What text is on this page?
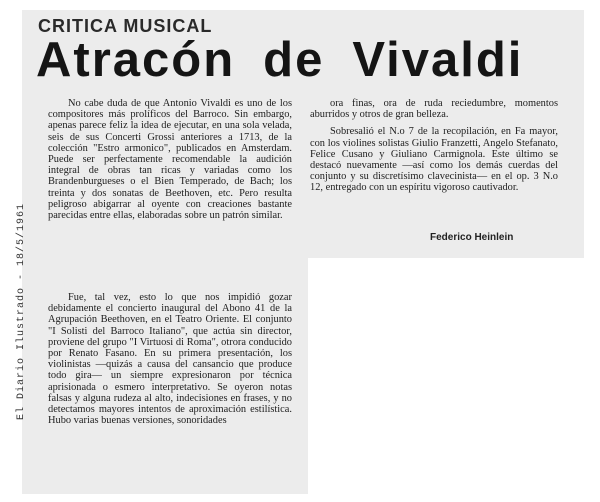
CRITICA MUSICAL
Atracón de Vivaldi
El Diario Ilustrado - 18/5/1961

No cabe duda de que Antonio Vivaldi es uno de los compositores más prolíficos del Barroco. Sin embargo, apenas parece feliz la idea de ejecutar, en una sola velada, seis de sus Concerti Grossi anteriores a 1713, de la colección "Estro armonico", publicados en Amsterdam. Puede ser perfectamente recomendable la audición integral de obras tan ricas y variadas como los Brandenburgueses o el Bien Temperado, de Bach; los treinta y dos sonatas de Beethoven, etc. Pero resulta peligroso abigarrar al oyente con creaciones bastante parecidas entre ellas, elaboradas sobre un patrón similar.

Fue, tal vez, esto lo que nos impidió gozar debidamente el concierto inaugural del Abono 41 de la Agrupación Beethoven, en el Teatro Oriente. El conjunto "I Solisti del Barroco Italiano", que actúa sin director, proviene del grupo "I Virtuosi di Roma", otrora conducido por Renato Fasano. En su primera presentación, los violinistas —quizás a causa del cansancio que produce todo gira— un siempre expresionaron por técnica aprisionada o esmero interpretativo. Se oyeron notas falsas y alguna rudeza al alto, indecisiones en frases, y no detectamos mayores intentos de aproximación estilística. Hubo varias buenas versiones, sonoridades

ora finas, ora de ruda reciedumbre, momentos aburridos y otros de gran belleza.

Sobresalió el N.o 7 de la recopilación, en Fa mayor, con los violines solistas Giulio Franzetti, Angelo Stefanato, Felice Cusano y Giuliano Carmignola. Este último se destacó nuevamente —así como los demás cuerdas del conjunto y su discretísimo clavecinista— en el op. 3 N.o 12, entregado con un espíritu vigoroso cautivador.

Federico Heinlein
